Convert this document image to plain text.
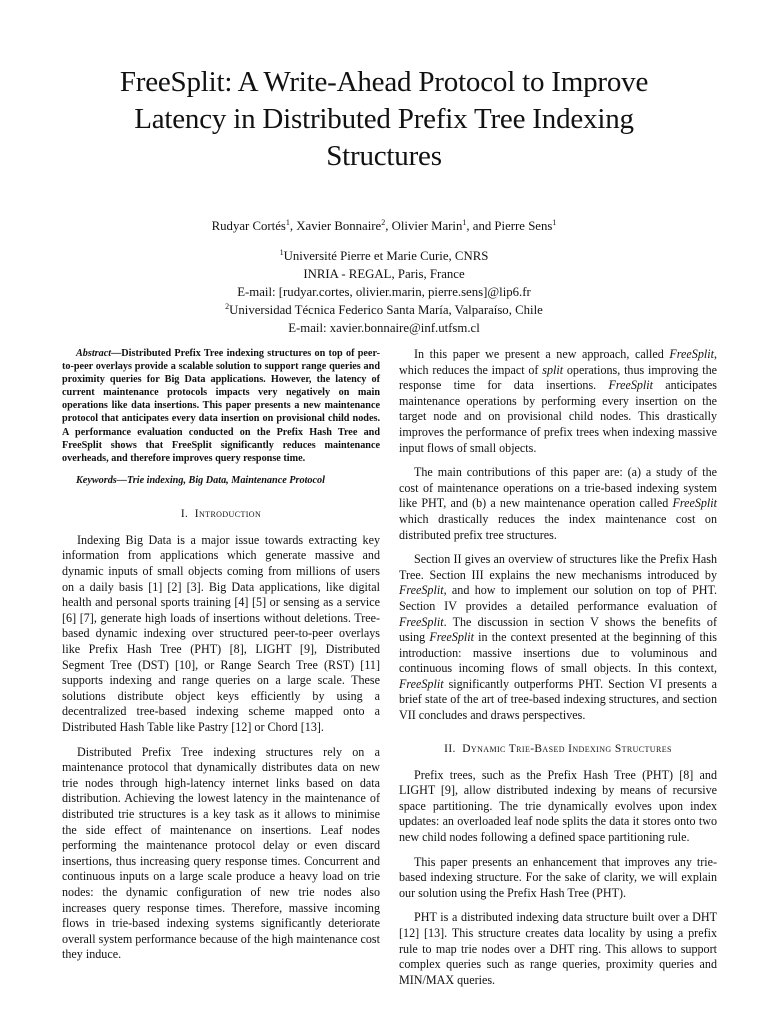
FreeSplit: A Write-Ahead Protocol to Improve
Latency in Distributed Prefix Tree Indexing
Structures
Rudyar Cortés$^1$, Xavier Bonnaire$^2$, Olivier Marin$^1$, and Pierre Sens$^1$
$^1$Université Pierre et Marie Curie, CNRS
INRIA - REGAL, Paris, France
E-mail: [rudyar.cortes, olivier.marin, pierre.sens]@lip6.fr
$^2$Universidad Técnica Federico Santa María, Valparaíso, Chile
E-mail: xavier.bonnaire@inf.utfsm.cl
Abstract—Distributed Prefix Tree indexing structures on top of peer-to-peer overlays provide a scalable solution to support range queries and proximity queries for Big Data applications. However, the latency of current maintenance protocols impacts very negatively on main operations like data insertions. This paper presents a new maintenance protocol that anticipates every data insertion on provisional child nodes. A performance evaluation conducted on the Prefix Hash Tree and FreeSplit shows that FreeSplit significantly reduces maintenance overheads, and therefore improves query response time.
Keywords—Trie indexing, Big Data, Maintenance Protocol
I. Introduction

Indexing Big Data is a major issue towards extracting key information from applications which generate massive and dynamic inputs of small objects coming from millions of users on a daily basis [1] [2] [3]. Big Data applications, like digital health and personal sports training [4] [5] or sensing as a service [6] [7], generate high loads of insertions without deletions. Tree-based dynamic indexing over structured peer-to-peer overlays like Prefix Hash Tree (PHT) [8], LIGHT [9], Distributed Segment Tree (DST) [10], or Range Search Tree (RST) [11] supports indexing and range queries on a large scale. These solutions distribute object keys efficiently by using a decentralized tree-based indexing scheme mapped onto a Distributed Hash Table like Pastry [12] or Chord [13].

Distributed Prefix Tree indexing structures rely on a maintenance protocol that dynamically distributes data on new trie nodes through high-latency internet links based on data distribution. Achieving the lowest latency in the maintenance of distributed trie structures is a key task as it allows to minimise the side effect of maintenance on insertions. Leaf nodes performing the maintenance protocol delay or even discard insertions, thus increasing query response times. Concurrent and continuous inputs on a large scale produce a heavy load on trie nodes: the dynamic configuration of new trie nodes also increases query response times. Therefore, massive incoming flows in trie-based indexing systems significantly deteriorate overall system performance because of the high maintenance cost they induce.

In this paper we present a new approach, called FreeSplit, which reduces the impact of split operations, thus improving the response time for data insertions. FreeSplit anticipates maintenance operations by performing every insertion on the target node and on provisional child nodes. This drastically improves the performance of prefix trees when indexing massive input flows of small objects.

The main contributions of this paper are: (a) a study of the cost of maintenance operations on a trie-based indexing system like PHT, and (b) a new maintenance operation called FreeSplit which drastically reduces the index maintenance cost on distributed prefix tree structures.

Section II gives an overview of structures like the Prefix Hash Tree. Section III explains the new mechanisms introduced by FreeSplit, and how to implement our solution on top of PHT. Section IV provides a detailed performance evaluation of FreeSplit. The discussion in section V shows the benefits of using FreeSplit in the context presented at the beginning of this introduction: massive insertions due to voluminous and continuous incoming flows of small objects. In this context, FreeSplit significantly outperforms PHT. Section VI presents a brief state of the art of tree-based indexing structures, and section VII concludes and draws perspectives.

II. Dynamic Trie-Based Indexing Structures

Prefix trees, such as the Prefix Hash Tree (PHT) [8] and LIGHT [9], allow distributed indexing by means of recursive space partitioning. The trie dynamically evolves upon index updates: an overloaded leaf node splits the data it stores onto two new child nodes following a defined space partitioning rule.

This paper presents an enhancement that improves any trie-based indexing structure. For the sake of clarity, we will explain our solution using the Prefix Hash Tree (PHT).

PHT is a distributed indexing data structure built over a DHT [12] [13]. This structure creates data locality by using a prefix rule to map trie nodes over a DHT ring. This allows to support complex queries such as range queries, proximity queries and MIN/MAX queries.
